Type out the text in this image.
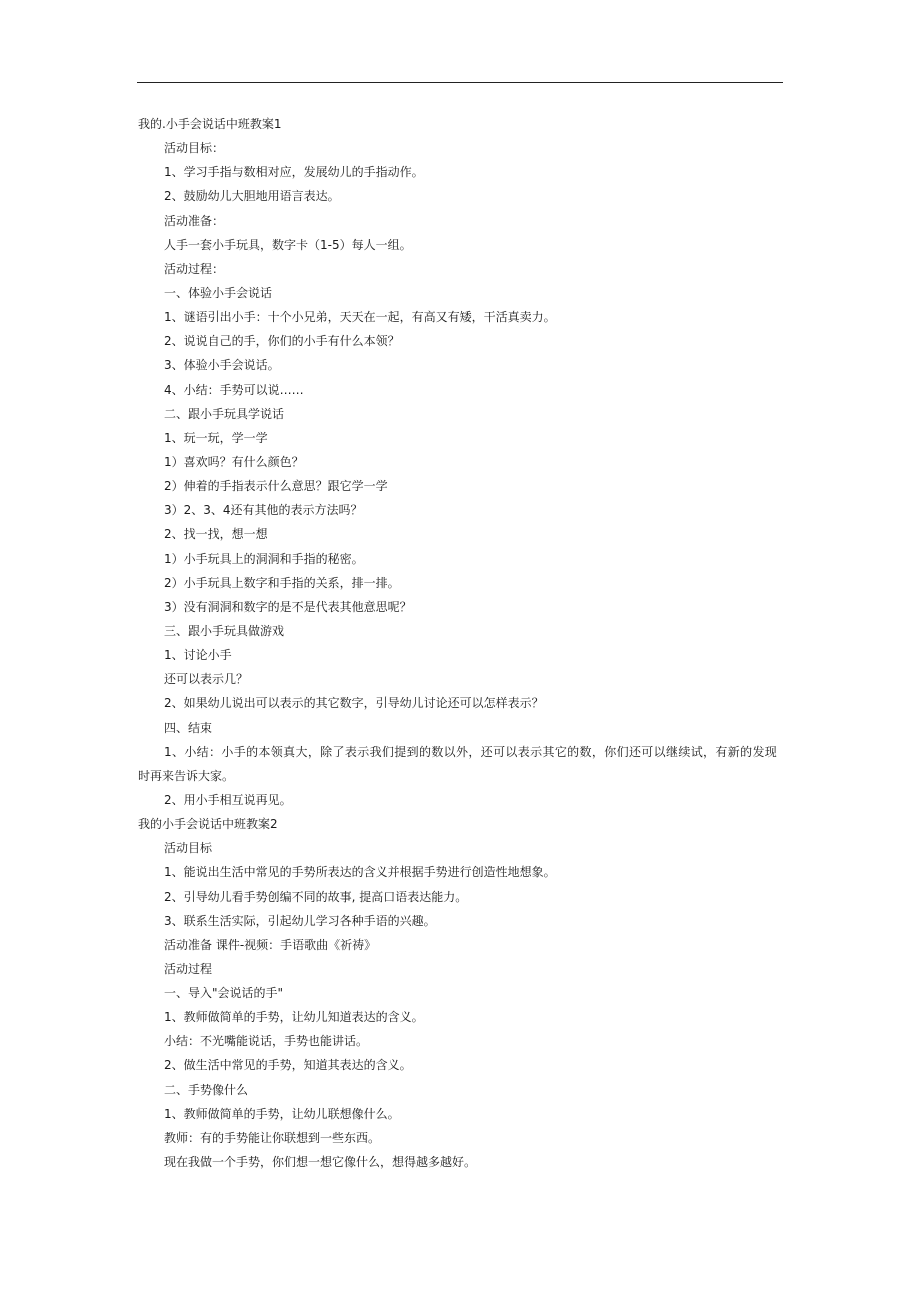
我的.小手会说话中班教案1
活动目标：
1、学习手指与数相对应，发展幼儿的手指动作。
2、鼓励幼儿大胆地用语言表达。
活动准备：
人手一套小手玩具，数字卡（1-5）每人一组。
活动过程：
一、体验小手会说话
1、谜语引出小手：十个小兄弟，天天在一起，有高又有矮，干活真卖力。
2、说说自己的手，你们的小手有什么本领？
3、体验小手会说话。
4、小结：手势可以说……
二、跟小手玩具学说话
1、玩一玩，学一学
1）喜欢吗？有什么颜色？
2）伸着的手指表示什么意思？跟它学一学
3）2、3、4还有其他的表示方法吗？
2、找一找，想一想
1）小手玩具上的洞洞和手指的秘密。
2）小手玩具上数字和手指的关系，排一排。
3）没有洞洞和数字的是不是代表其他意思呢？
三、跟小手玩具做游戏
1、讨论小手
还可以表示几？
2、如果幼儿说出可以表示的其它数字，引导幼儿讨论还可以怎样表示？
四、结束
1、小结：小手的本领真大，除了表示我们提到的数以外，还可以表示其它的数，你们还可以继续试，有新的发现
时再来告诉大家。
2、用小手相互说再见。
我的小手会说话中班教案2
活动目标
1、能说出生活中常见的手势所表达的含义并根据手势进行创造性地想象。
2、引导幼儿看手势创编不同的故事, 提高口语表达能力。
3、联系生活实际，引起幼儿学习各种手语的兴趣。
活动准备 课件-视频：手语歌曲《祈祷》
活动过程
一、导入"会说话的手"
1、教师做简单的手势，让幼儿知道表达的含义。
小结：不光嘴能说话，手势也能讲话。
2、做生活中常见的手势，知道其表达的含义。
二、手势像什么
1、教师做简单的手势，让幼儿联想像什么。
教师：有的手势能让你联想到一些东西。
现在我做一个手势，你们想一想它像什么，想得越多越好。
